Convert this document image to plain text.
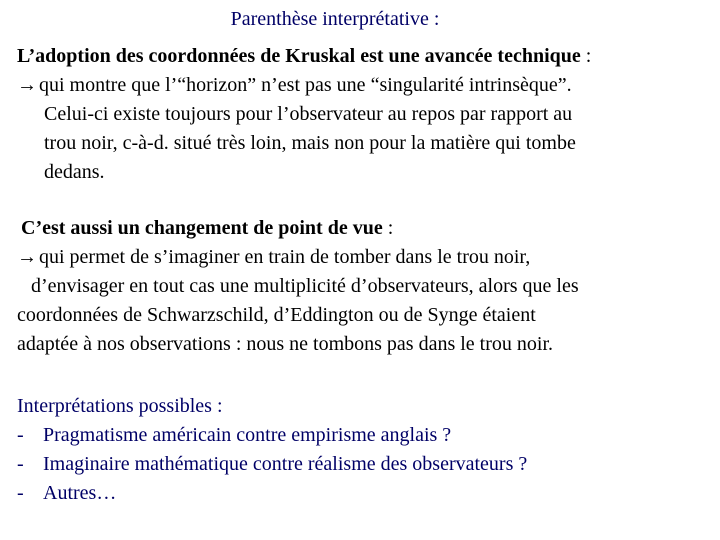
Parenthèse interprétative :
L’adoption des coordonnées de Kruskal est une avancée technique :
→ qui montre que l’“horizon” n’est pas une “singularité intrinsèque”.
Celui-ci existe toujours pour l’observateur au repos par rapport au
trou noir, c-à-d. situé très loin, mais non pour la matière qui tombe
dedans.
C’est aussi un changement de point de vue :
→ qui permet de s’imaginer en train de tomber dans le trou noir,
d’envisager en tout cas une multiplicité d’observateurs, alors que les
coordonnées de Schwarzschild, d’Eddington ou de Synge étaient
adaptée à nos observations : nous ne tombons pas dans le trou noir.
Interprétations possibles :
- Pragmatisme américain contre empirisme anglais ?
- Imaginaire mathématique contre réalisme des observateurs ?
- Autres…
